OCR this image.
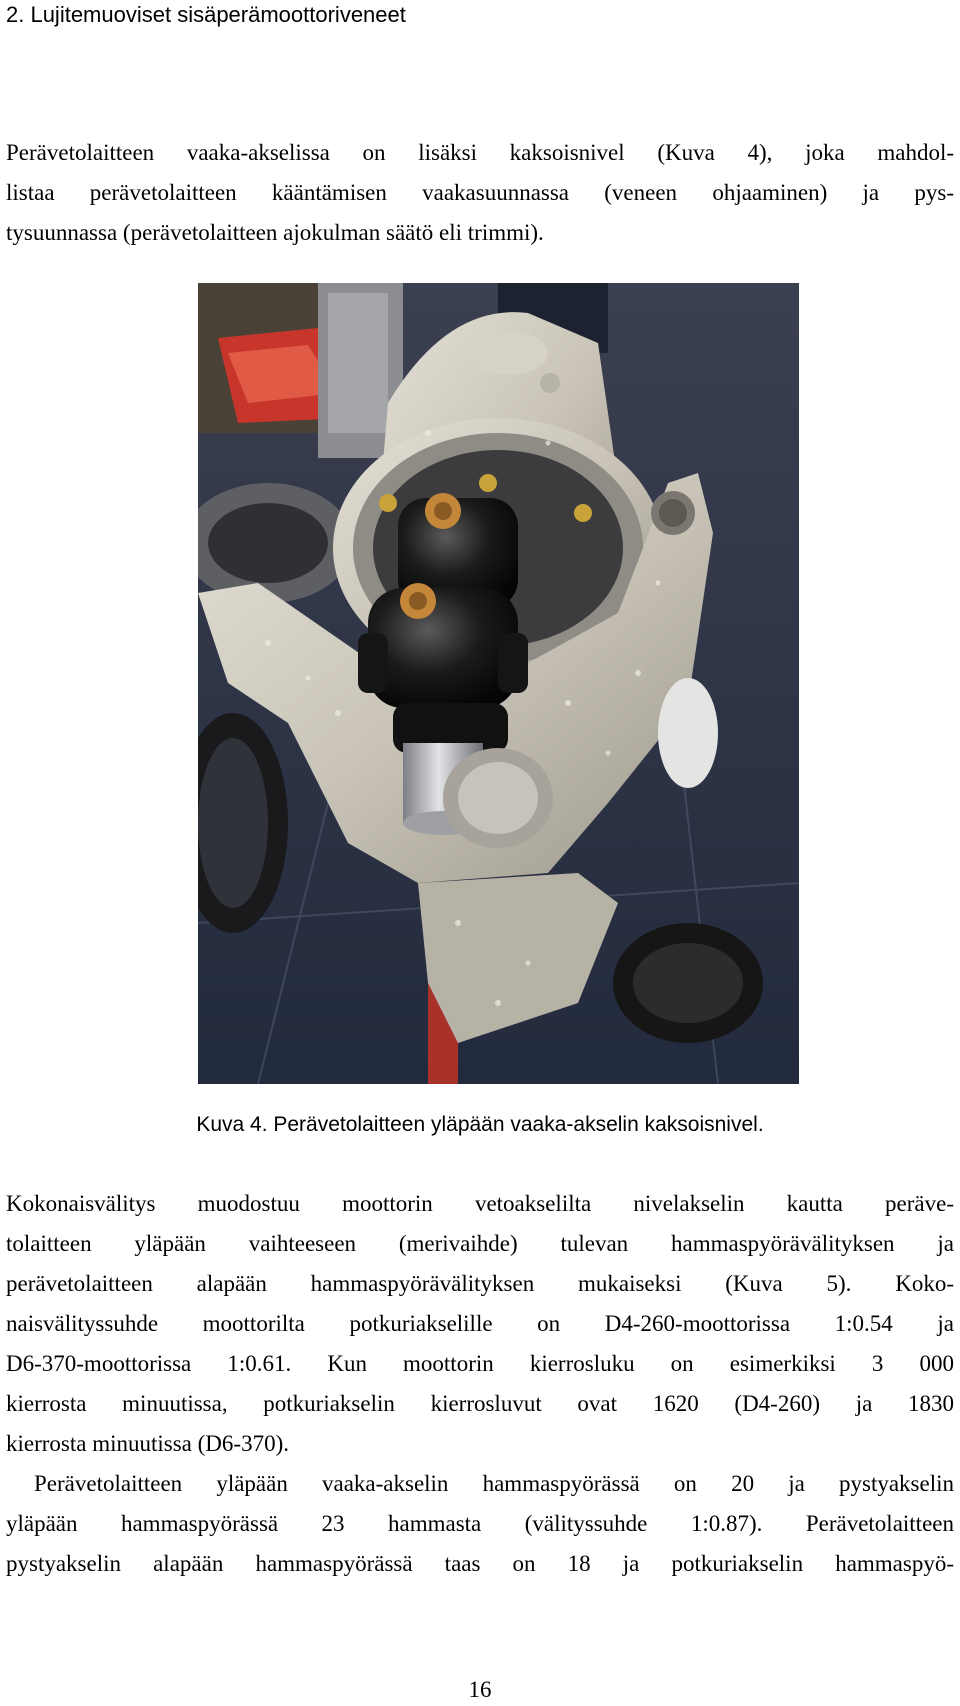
2. Lujitemuoviset sisäperämoottoriveneet

Perävetolaitteen vaaka-akselissa on lisäksi kaksoisnivel (Kuva 4), joka mahdol-
listaa perävetolaitteen kääntämisen vaakasuunnassa (veneen ohjaaminen) ja pys-
tysuunnassa (perävetolaitteen ajokulman säätö eli trimmi).

Kuva 4. Perävetolaitteen yläpään vaaka-akselin kaksoisnivel.

Kokonaisvälitys muodostuu moottorin vetoakselilta nivelakselin kautta peräve-
tolaitteen yläpään vaihteeseen (merivaihde) tulevan hammaspyörävälityksen ja
perävetolaitteen alapään hammaspyörävälityksen mukaiseksi (Kuva 5). Koko-
naisvälityssuhde moottorilta potkuriakselille on D4-260-moottorissa 1:0.54 ja
D6-370-moottorissa 1:0.61. Kun moottorin kierrosluku on esimerkiksi 3 000
kierrosta minuutissa, potkuriakselin kierrosluvut ovat 1620 (D4-260) ja 1830
kierrosta minuutissa (D6-370).

Perävetolaitteen yläpään vaaka-akselin hammaspyörässä on 20 ja pystyakselin
yläpään hammaspyörässä 23 hammasta (välityssuhde 1:0.87). Perävetolaitteen
pystyakselin alapään hammaspyörässä taas on 18 ja potkuriakselin hammaspyö-

16
